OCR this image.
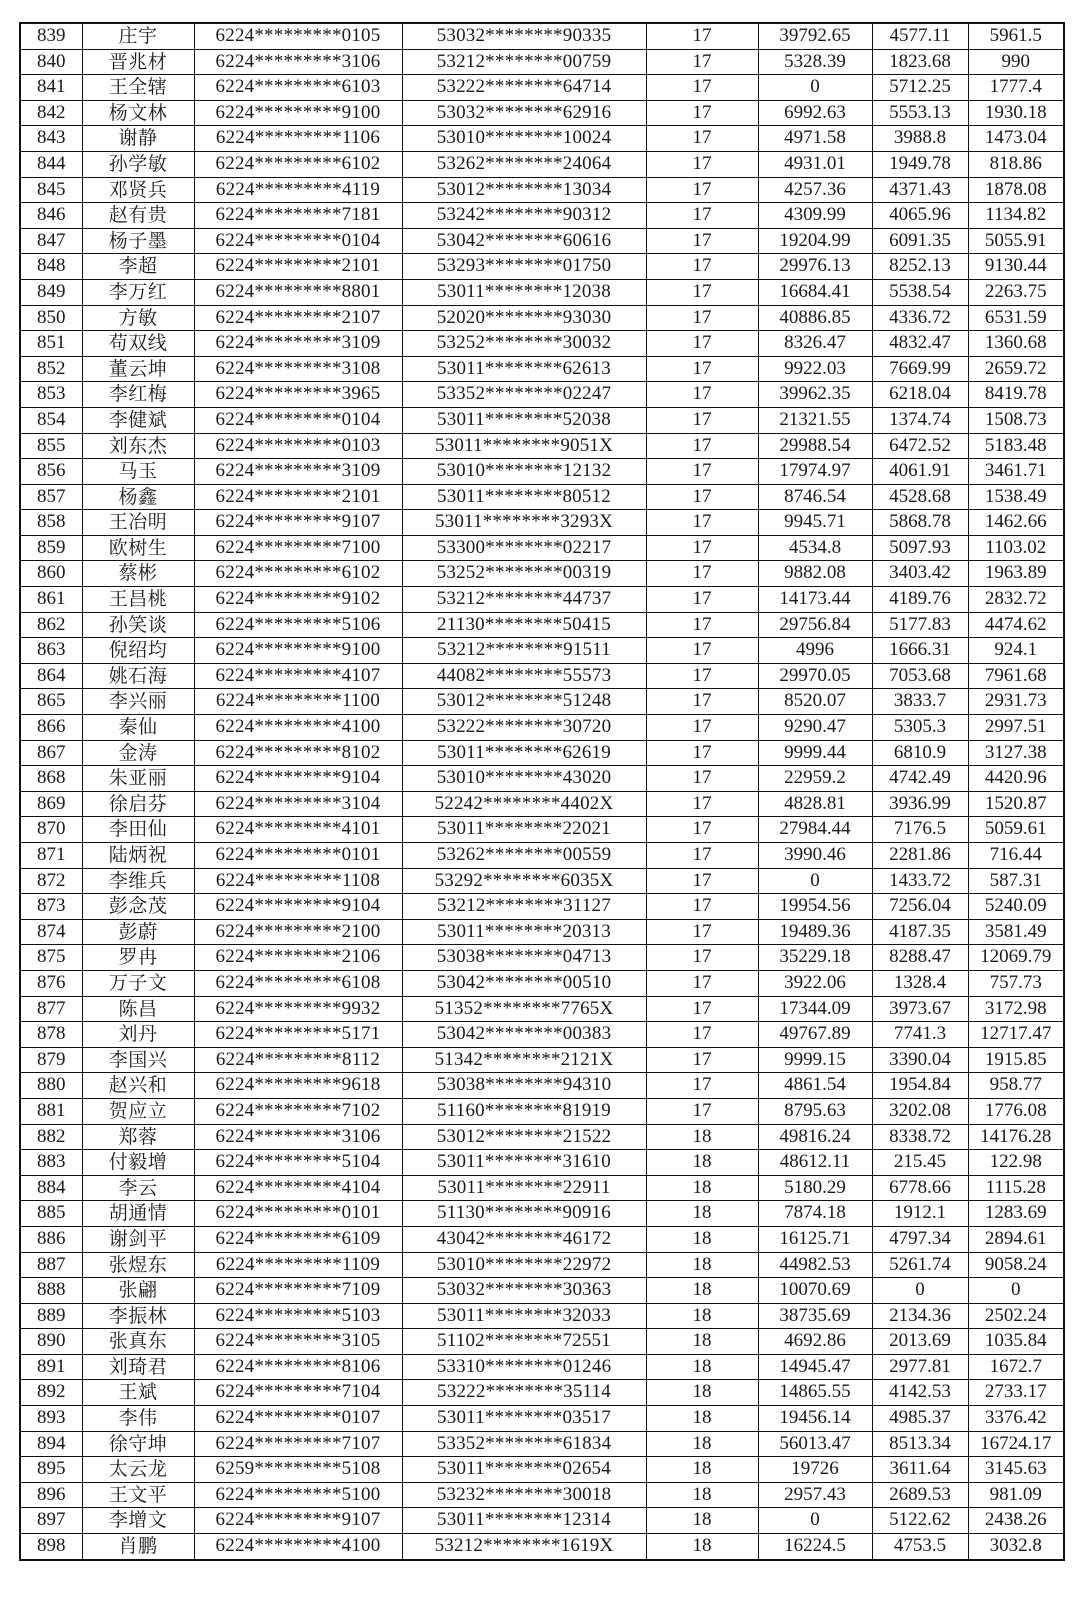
839	庄宇	6224*********0105	53032********90335	17	39792.65	4577.11	5961.5
840	晋兆材	6224*********3106	53212********00759	17	5328.39	1823.68	990
841	王全辖	6224*********6103	53222********64714	17	0	5712.25	1777.4
842	杨文林	6224*********9100	53032********62916	17	6992.63	5553.13	1930.18
843	谢静	6224*********1106	53010********10024	17	4971.58	3988.8	1473.04
844	孙学敏	6224*********6102	53262********24064	17	4931.01	1949.78	818.86
845	邓贤兵	6224*********4119	53012********13034	17	4257.36	4371.43	1878.08
846	赵有贵	6224*********7181	53242********90312	17	4309.99	4065.96	1134.82
847	杨子墨	6224*********0104	53042********60616	17	19204.99	6091.35	5055.91
848	李超	6224*********2101	53293********01750	17	29976.13	8252.13	9130.44
849	李万红	6224*********8801	53011********12038	17	16684.41	5538.54	2263.75
850	方敏	6224*********2107	52020********93030	17	40886.85	4336.72	6531.59
851	苟双线	6224*********3109	53252********30032	17	8326.47	4832.47	1360.68
852	董云坤	6224*********3108	53011********62613	17	9922.03	7669.99	2659.72
853	李红梅	6224*********3965	53352********02247	17	39962.35	6218.04	8419.78
854	李健斌	6224*********0104	53011********52038	17	21321.55	1374.74	1508.73
855	刘东杰	6224*********0103	53011********9051X	17	29988.54	6472.52	5183.48
856	马玉	6224*********3109	53010********12132	17	17974.97	4061.91	3461.71
857	杨鑫	6224*********2101	53011********80512	17	8746.54	4528.68	1538.49
858	王冶明	6224*********9107	53011********3293X	17	9945.71	5868.78	1462.66
859	欧树生	6224*********7100	53300********02217	17	4534.8	5097.93	1103.02
860	蔡彬	6224*********6102	53252********00319	17	9882.08	3403.42	1963.89
861	王昌桃	6224*********9102	53212********44737	17	14173.44	4189.76	2832.72
862	孙笑谈	6224*********5106	21130********50415	17	29756.84	5177.83	4474.62
863	倪绍均	6224*********9100	53212********91511	17	4996	1666.31	924.1
864	姚石海	6224*********4107	44082********55573	17	29970.05	7053.68	7961.68
865	李兴丽	6224*********1100	53012********51248	17	8520.07	3833.7	2931.73
866	秦仙	6224*********4100	53222********30720	17	9290.47	5305.3	2997.51
867	金涛	6224*********8102	53011********62619	17	9999.44	6810.9	3127.38
868	朱亚丽	6224*********9104	53010********43020	17	22959.2	4742.49	4420.96
869	徐启芬	6224*********3104	52242********4402X	17	4828.81	3936.99	1520.87
870	李田仙	6224*********4101	53011********22021	17	27984.44	7176.5	5059.61
871	陆炳祝	6224*********0101	53262********00559	17	3990.46	2281.86	716.44
872	李维兵	6224*********1108	53292********6035X	17	0	1433.72	587.31
873	彭念茂	6224*********9104	53212********31127	17	19954.56	7256.04	5240.09
874	彭蔚	6224*********2100	53011********20313	17	19489.36	4187.35	3581.49
875	罗冉	6224*********2106	53038********04713	17	35229.18	8288.47	12069.79
876	万子文	6224*********6108	53042********00510	17	3922.06	1328.4	757.73
877	陈昌	6224*********9932	51352********7765X	17	17344.09	3973.67	3172.98
878	刘丹	6224*********5171	53042********00383	17	49767.89	7741.3	12717.47
879	李国兴	6224*********8112	51342********2121X	17	9999.15	3390.04	1915.85
880	赵兴和	6224*********9618	53038********94310	17	4861.54	1954.84	958.77
881	贺应立	6224*********7102	51160********81919	17	8795.63	3202.08	1776.08
882	郑蓉	6224*********3106	53012********21522	18	49816.24	8338.72	14176.28
883	付毅增	6224*********5104	53011********31610	18	48612.11	215.45	122.98
884	李云	6224*********4104	53011********22911	18	5180.29	6778.66	1115.28
885	胡通情	6224*********0101	51130********90916	18	7874.18	1912.1	1283.69
886	谢剑平	6224*********6109	43042********46172	18	16125.71	4797.34	2894.61
887	张煜东	6224*********1109	53010********22972	18	44982.53	5261.74	9058.24
888	张翩	6224*********7109	53032********30363	18	10070.69	0	0
889	李振林	6224*********5103	53011********32033	18	38735.69	2134.36	2502.24
890	张真东	6224*********3105	51102********72551	18	4692.86	2013.69	1035.84
891	刘琦君	6224*********8106	53310********01246	18	14945.47	2977.81	1672.7
892	王斌	6224*********7104	53222********35114	18	14865.55	4142.53	2733.17
893	李伟	6224*********0107	53011********03517	18	19456.14	4985.37	3376.42
894	徐守坤	6224*********7107	53352********61834	18	56013.47	8513.34	16724.17
895	太云龙	6259*********5108	53011********02654	18	19726	3611.64	3145.63
896	王文平	6224*********5100	53232********30018	18	2957.43	2689.53	981.09
897	李增文	6224*********9107	53011********12314	18	0	5122.62	2438.26
898	肖鹏	6224*********4100	53212********1619X	18	16224.5	4753.5	3032.8
